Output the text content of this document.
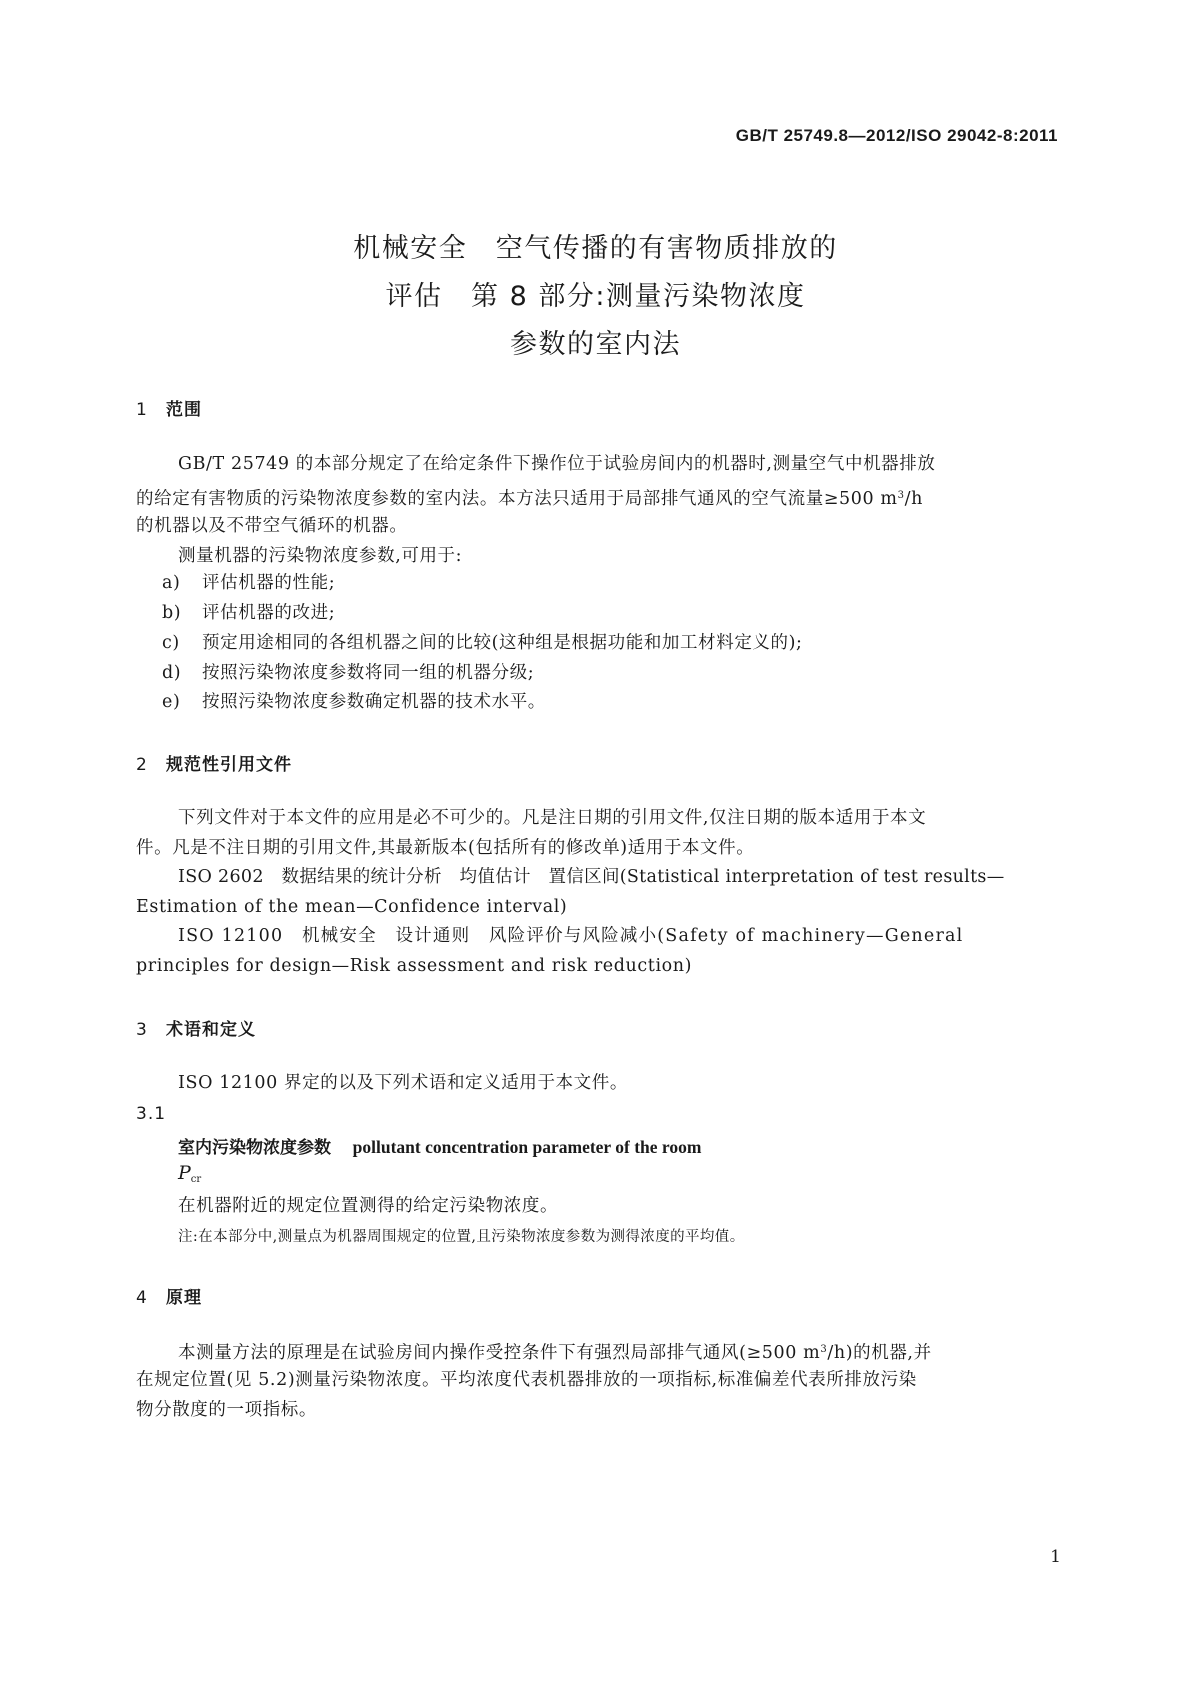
GB/T 25749.8—2012/ISO 29042-8:2011
机械安全　空气传播的有害物质排放的
评估　第 8 部分:测量污染物浓度
参数的室内法
1 范围
GB/T 25749 的本部分规定了在给定条件下操作位于试验房间内的机器时,测量空气中机器排放
的给定有害物质的污染物浓度参数的室内法。本方法只适用于局部排气通风的空气流量≥500 $m^3/h$
的机器以及不带空气循环的机器。
测量机器的污染物浓度参数,可用于:
a) 评估机器的性能;
b) 评估机器的改进;
c) 预定用途相同的各组机器之间的比较(这种组是根据功能和加工材料定义的);
d) 按照污染物浓度参数将同一组的机器分级;
e) 按照污染物浓度参数确定机器的技术水平。
2 规范性引用文件
下列文件对于本文件的应用是必不可少的。凡是注日期的引用文件,仅注日期的版本适用于本文
件。凡是不注日期的引用文件,其最新版本(包括所有的修改单)适用于本文件。
ISO 2602　数据结果的统计分析　均值估计　置信区间(Statistical interpretation of test results—
Estimation of the mean—Confidence interval)
ISO 12100　机械安全　设计通则　风险评价与风险减小(Safety of machinery—General
principles for design—Risk assessment and risk reduction)
3 术语和定义
ISO 12100 界定的以及下列术语和定义适用于本文件。
3.1
室内污染物浓度参数 pollutant concentration parameter of the room
$P_{cr}$
在机器附近的规定位置测得的给定污染物浓度。
注:在本部分中,测量点为机器周围规定的位置,且污染物浓度参数为测得浓度的平均值。
4 原理
本测量方法的原理是在试验房间内操作受控条件下有强烈局部排气通风(≥500 $m^3/h$)的机器,并
在规定位置(见 5.2)测量污染物浓度。平均浓度代表机器排放的一项指标,标准偏差代表所排放污染
物分散度的一项指标。
1
